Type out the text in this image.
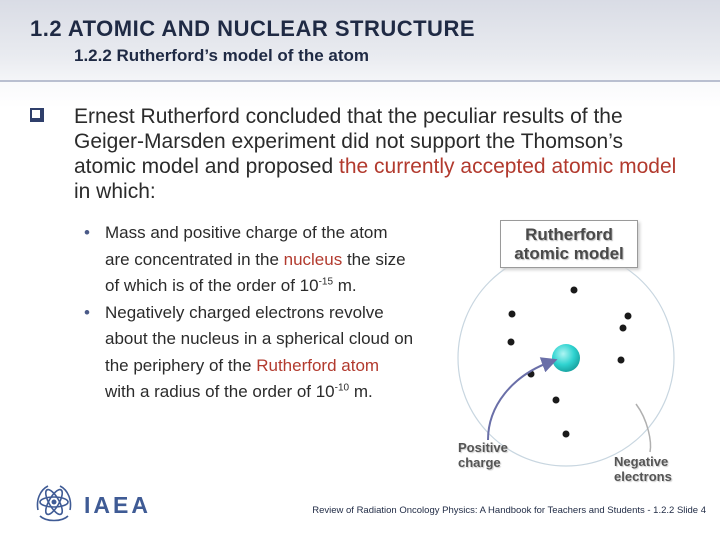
1.2 ATOMIC AND NUCLEAR STRUCTURE
1.2.2 Rutherford’s model of the atom

Ernest Rutherford concluded that the peculiar results of the Geiger-Marsden experiment did not support the Thomson’s atomic model and proposed the currently accepted atomic model in which:

• Mass and positive charge of the atom are concentrated in the nucleus the size of which is of the order of $10^{-15}$ m.
• Negatively charged electrons revolve about the nucleus in a spherical cloud on the periphery of the Rutherford atom with a radius of the order of $10^{-10}$ m.
Rutherford
atomic model
Positive charge	Negative electrons
IAEA	Review of Radiation Oncology Physics: A Handbook for Teachers and Students - 1.2.2 Slide 4
